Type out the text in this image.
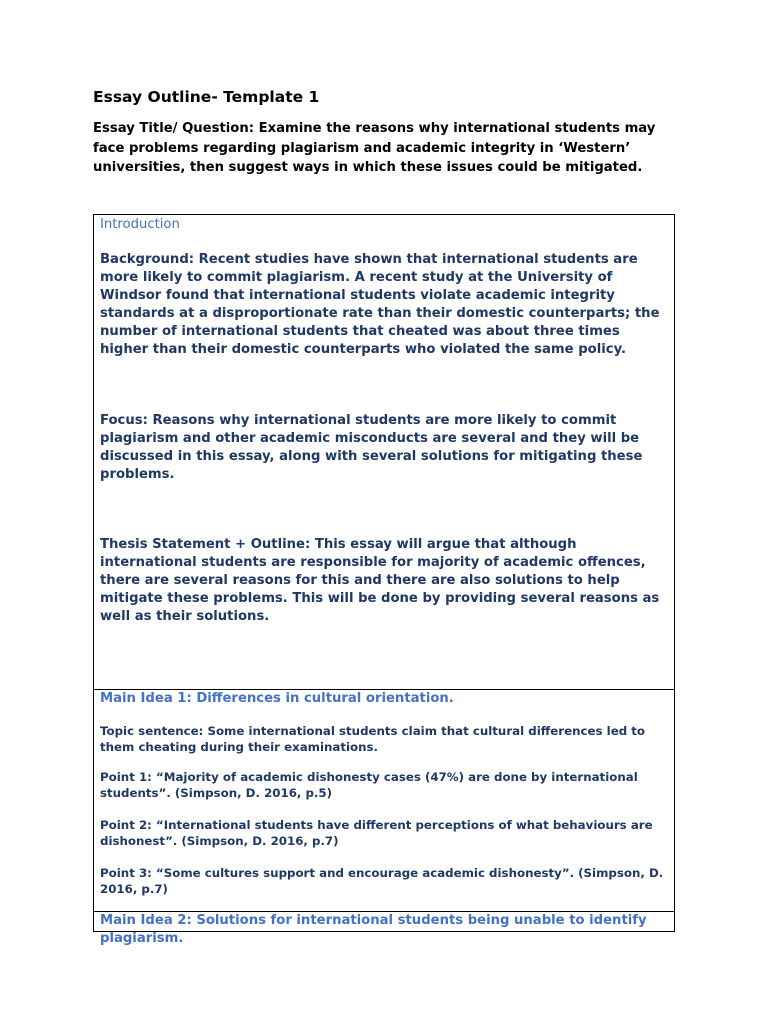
Essay Outline- Template 1

Essay Title/ Question: Examine the reasons why international students may face problems regarding plagiarism and academic integrity in ‘Western’ universities, then suggest ways in which these issues could be mitigated.

Introduction

Background: Recent studies have shown that international students are more likely to commit plagiarism. A recent study at the University of Windsor found that international students violate academic integrity standards at a disproportionate rate than their domestic counterparts; the number of international students that cheated was about three times higher than their domestic counterparts who violated the same policy.

Focus: Reasons why international students are more likely to commit plagiarism and other academic misconducts are several and they will be discussed in this essay, along with several solutions for mitigating these problems.

Thesis Statement + Outline: This essay will argue that although international students are responsible for majority of academic offences, there are several reasons for this and there are also solutions to help mitigate these problems. This will be done by providing several reasons as well as their solutions.

Main Idea 1: Differences in cultural orientation.

Topic sentence: Some international students claim that cultural differences led to them cheating during their examinations.

Point 1: “Majority of academic dishonesty cases (47%) are done by international students”. (Simpson, D. 2016, p.5)

Point 2: “International students have different perceptions of what behaviours are dishonest”. (Simpson, D. 2016, p.7)

Point 3: “Some cultures support and encourage academic dishonesty”. (Simpson, D. 2016, p.7)

Main Idea 2: Solutions for international students being unable to identify plagiarism.
